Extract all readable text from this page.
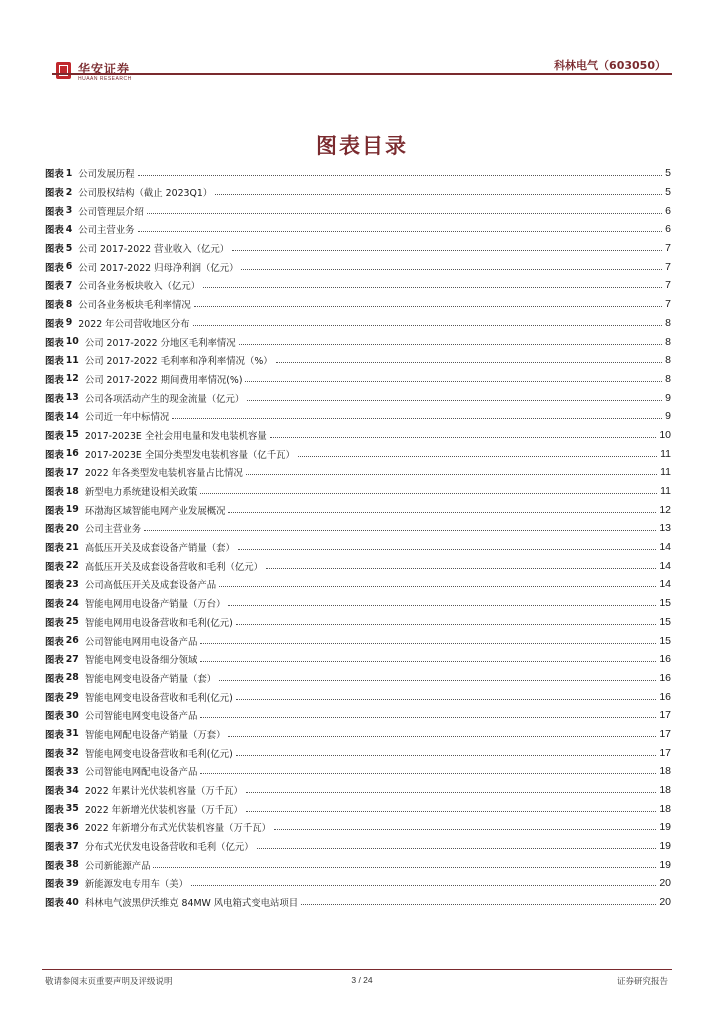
华安证券
HUAAN RESEARCH
科林电气（603050）
图表目录
图表 1 公司发展历程	5
图表 2 公司股权结构（截止 2023Q1）	5
图表 3 公司管理层介绍	6
图表 4 公司主营业务	6
图表 5 公司 2017-2022 营业收入（亿元）	7
图表 6 公司 2017-2022 归母净利润（亿元）	7
图表 7 公司各业务板块收入（亿元）	7
图表 8 公司各业务板块毛利率情况	7
图表 9 2022 年公司营收地区分布	8
图表 10 公司 2017-2022 分地区毛利率情况	8
图表 11 公司 2017-2022 毛利率和净利率情况（%）	8
图表 12 公司 2017-2022 期间费用率情况(%)	8
图表 13 公司各项活动产生的现金流量（亿元）	9
图表 14 公司近一年中标情况	9
图表 15 2017-2023E 全社会用电量和发电装机容量	10
图表 16 2017-2023E 全国分类型发电装机容量（亿千瓦）	11
图表 17 2022 年各类型发电装机容量占比情况	11
图表 18 新型电力系统建设相关政策	11
图表 19 环渤海区域智能电网产业发展概况	12
图表 20 公司主营业务	13
图表 21 高低压开关及成套设备产销量（套）	14
图表 22 高低压开关及成套设备营收和毛利（亿元）	14
图表 23 公司高低压开关及成套设备产品	14
图表 24 智能电网用电设备产销量（万台）	15
图表 25 智能电网用电设备营收和毛利(亿元)	15
图表 26 公司智能电网用电设备产品	15
图表 27 智能电网变电设备细分领域	16
图表 28 智能电网变电设备产销量（套）	16
图表 29 智能电网变电设备营收和毛利(亿元)	16
图表 30 公司智能电网变电设备产品	17
图表 31 智能电网配电设备产销量（万套）	17
图表 32 智能电网变电设备营收和毛利(亿元)	17
图表 33 公司智能电网配电设备产品	18
图表 34 2022 年累计光伏装机容量（万千瓦）	18
图表 35 2022 年新增光伏装机容量（万千瓦）	18
图表 36 2022 年新增分布式光伏装机容量（万千瓦）	19
图表 37 分布式光伏发电设备营收和毛利（亿元）	19
图表 38 公司新能源产品	19
图表 39 新能源发电专用车（美）	20
图表 40 科林电气波黑伊沃维克 84MW 风电箱式变电站项目	20
敬请参阅末页重要声明及评级说明	3 / 24	证券研究报告
